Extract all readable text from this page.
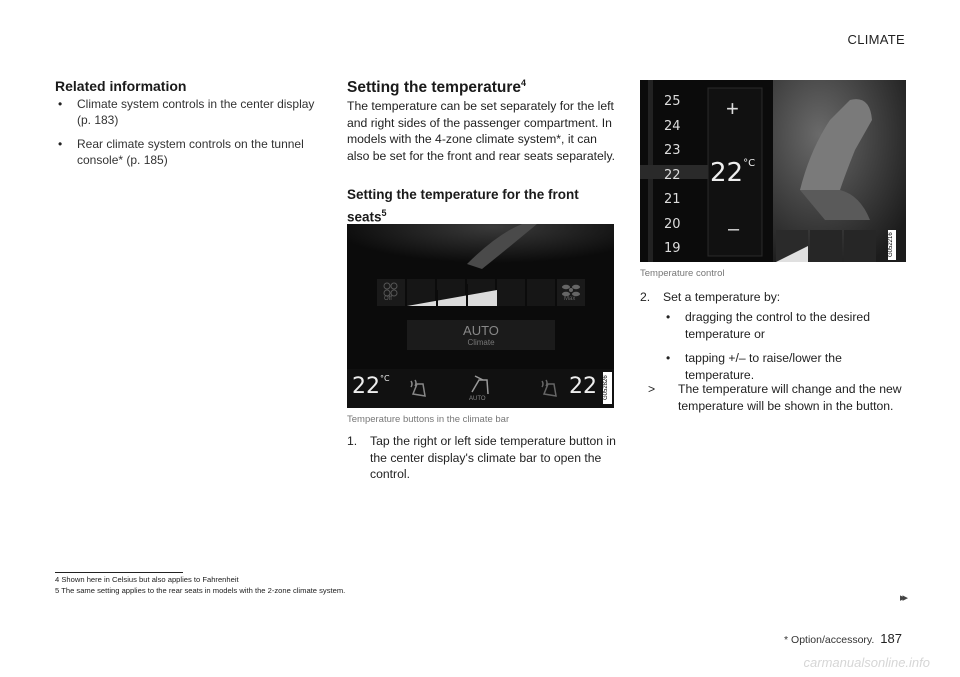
CLIMATE
Related information
• Climate system controls in the center display (p. 183)
• Rear climate system controls on the tunnel console* (p. 185)
Setting the temperature$^4$
The temperature can be set separately for the left and right sides of the passenger compartment. In models with the 4-zone climate system*, it can also be set for the front and rear seats separately.
Setting the temperature for the front seats$^5$
Off	Max
AUTO
Climate
$22^{^\circ C}$	22
AUTO	G052826
Temperature buttons in the climate bar
1. Tap the right or left side temperature button in the center display's climate bar to open the control.
25
24
23
22
21
20
19
+
$22^{^\circ C}$
–
G052216
Temperature control
2. Set a temperature by:
• dragging the control to the desired temperature or
• tapping +/– to raise/lower the temperature.
> The temperature will change and the new temperature will be shown in the button.
4 Shown here in Celsius but also applies to Fahrenheit
5 The same setting applies to the rear seats in models with the 2-zone climate system.
▸▸
* Option/accessory. 187
carmanualsonline.info
